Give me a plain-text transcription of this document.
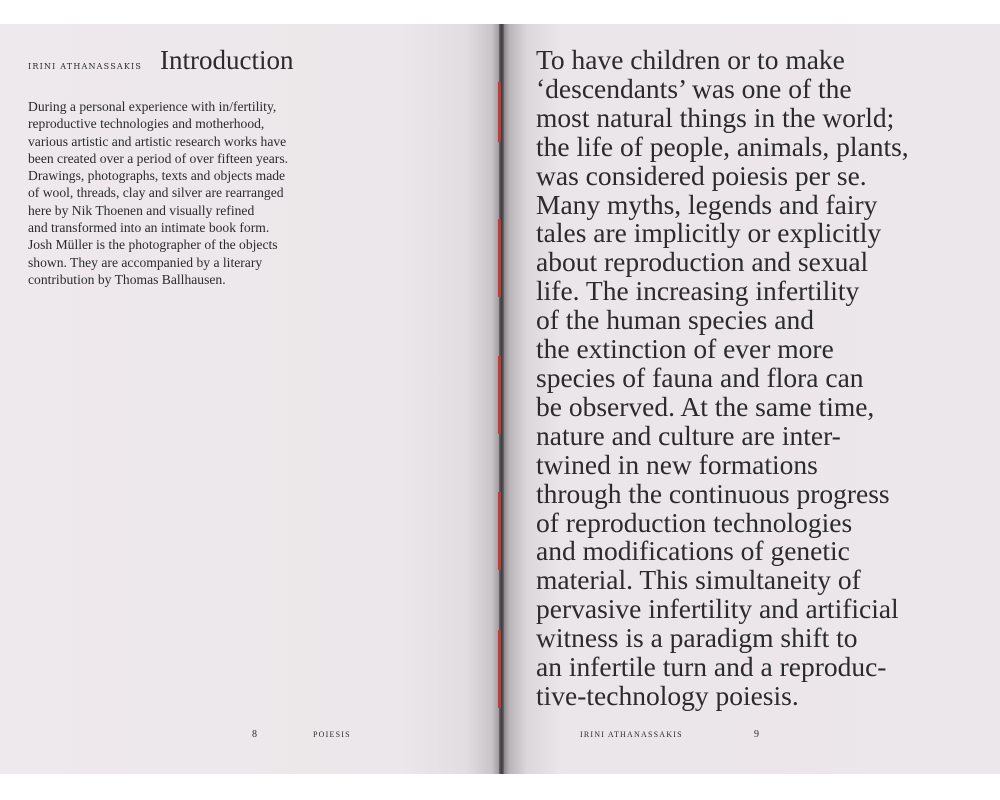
IRINI ATHANASSAKIS Introduction

During a personal experience with in/fertility,
reproductive technologies and motherhood,
various artistic and artistic research works have
been created over a period of over fifteen years.
Drawings, photographs, texts and objects made
of wool, threads, clay and silver are rearranged
here by Nik Thoenen and visually refined
and transformed into an intimate book form.
Josh Müller is the photographer of the objects
shown. They are accompanied by a literary
contribution by Thomas Ballhausen.

8	POIESIS

To have children or to make
‘descendants’ was one of the
most natural things in the world;
the life of people, animals, plants,
was considered poiesis per se.
Many myths, legends and fairy
tales are implicitly or explicitly
about reproduction and sexual
life. The increasing infertility
of the human species and
the extinction of ever more
species of fauna and flora can
be observed. At the same time,
nature and culture are inter-
twined in new formations
through the continuous progress
of reproduction technologies
and modifications of genetic
material. This simultaneity of
pervasive infertility and artificial
witness is a paradigm shift to
an infertile turn and a reproduc-
tive-technology poiesis.

IRINI ATHANASSAKIS	9
